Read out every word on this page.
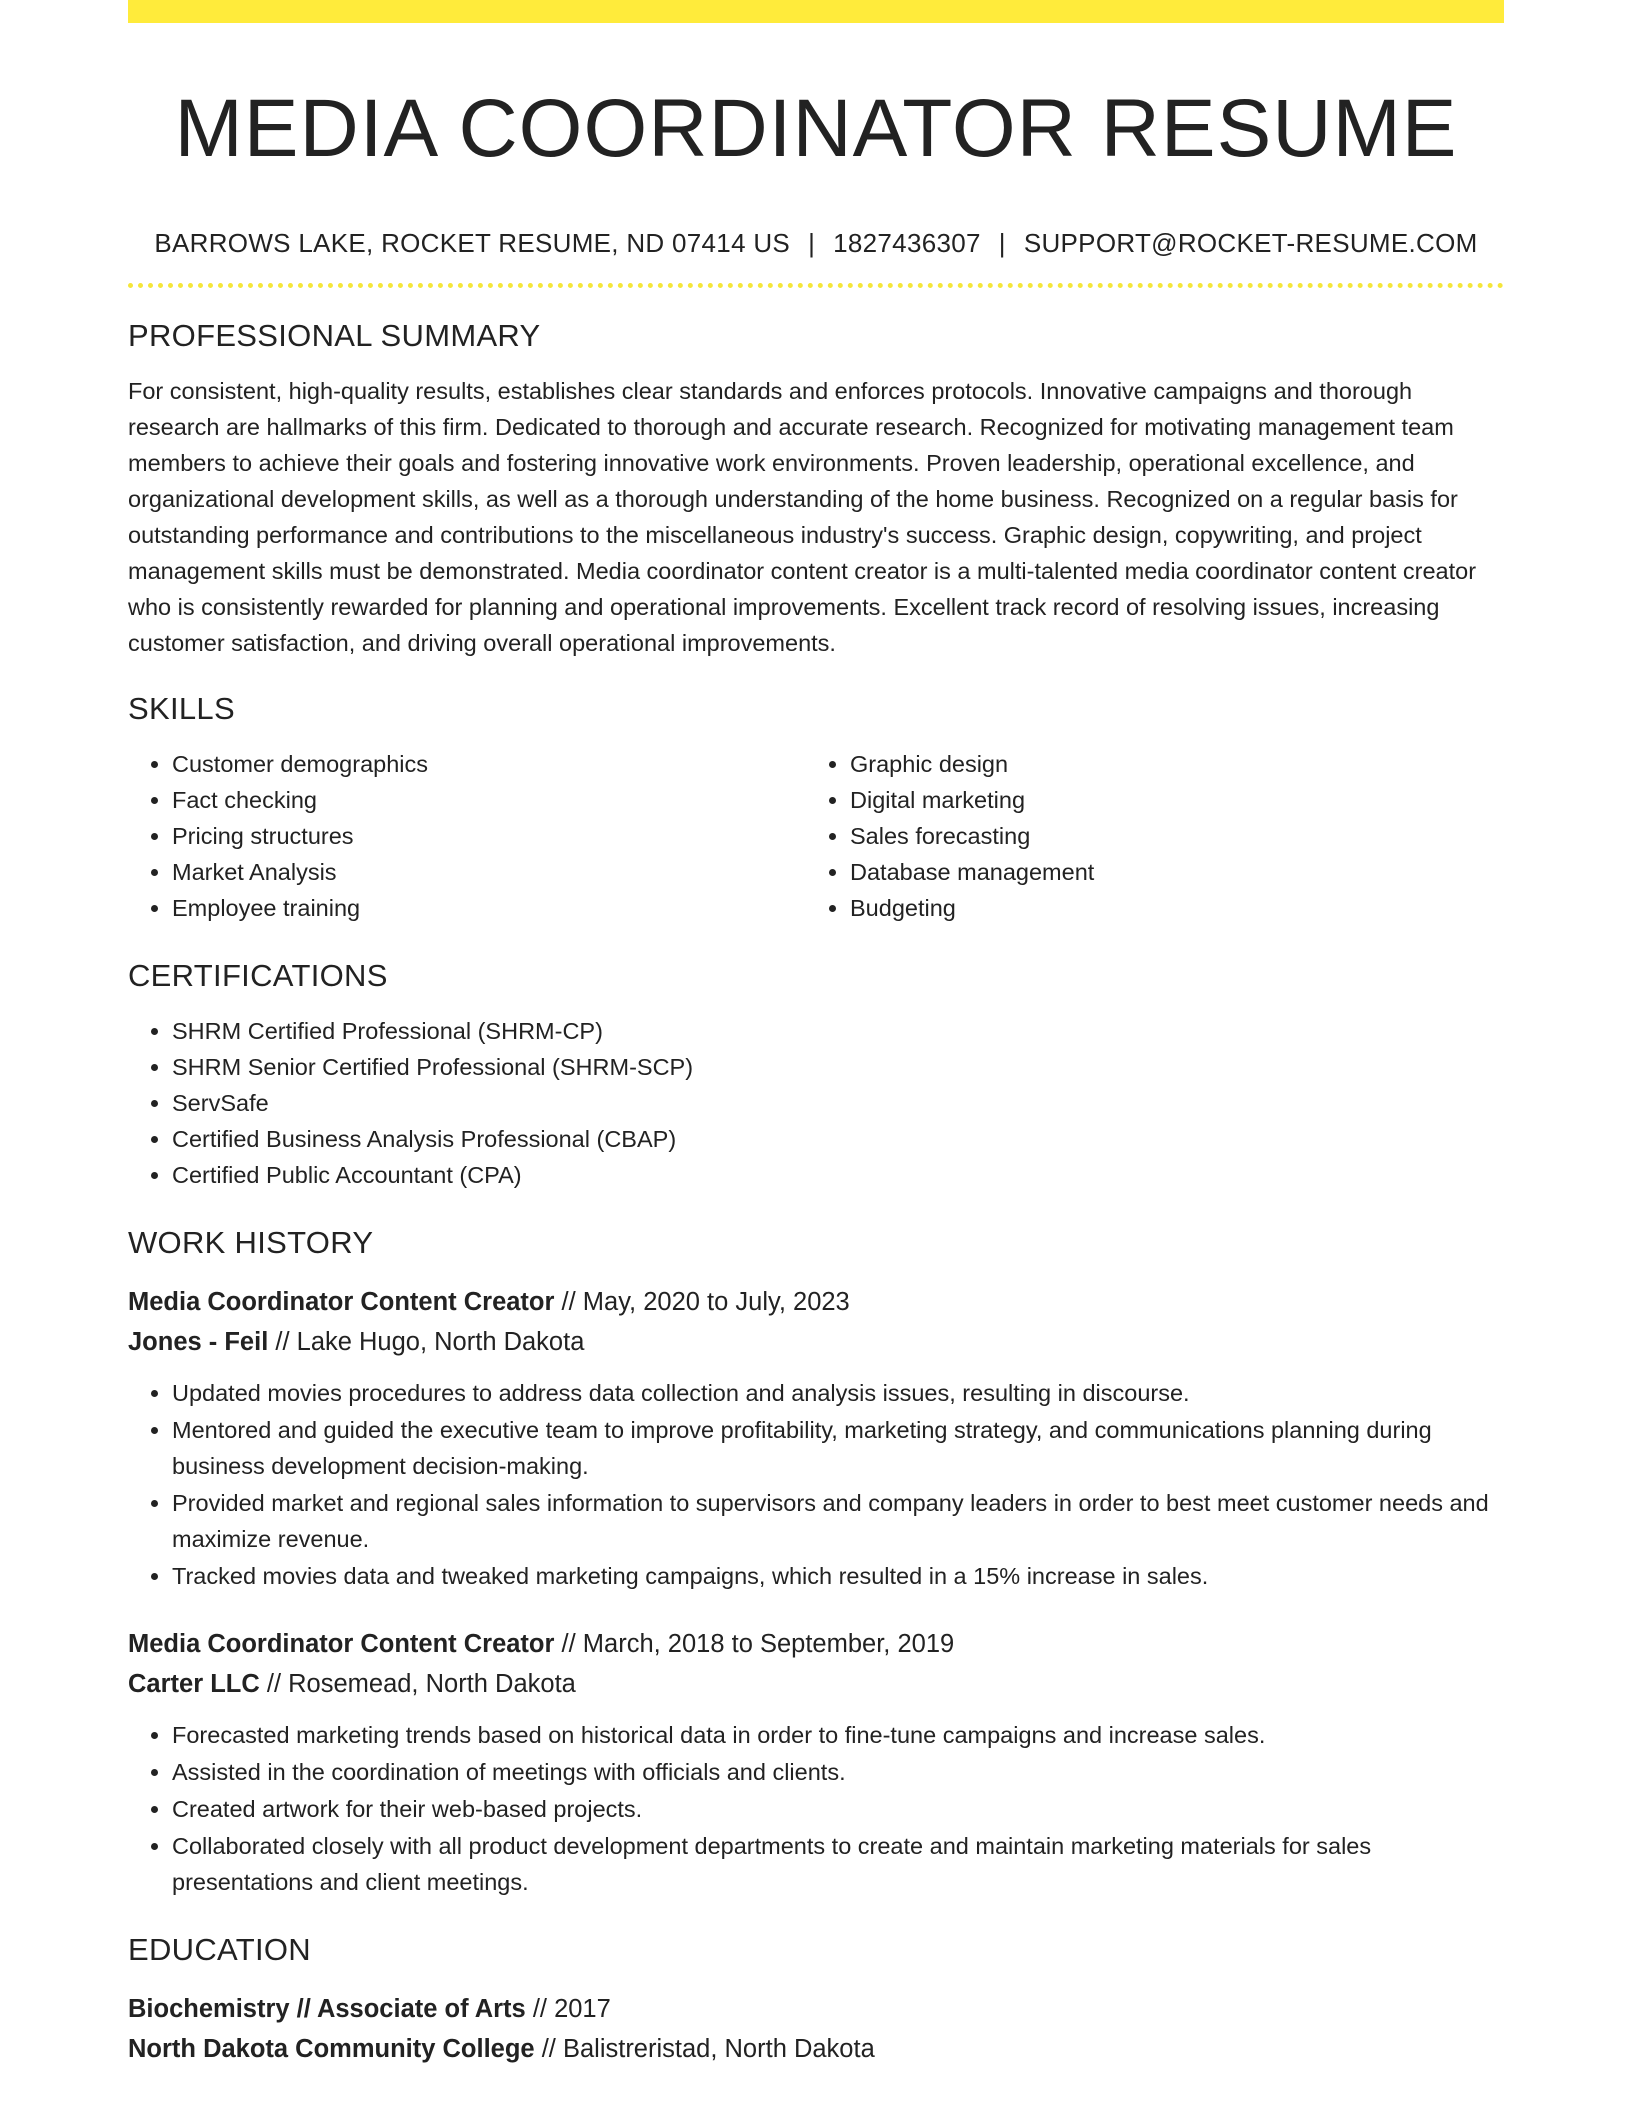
MEDIA COORDINATOR RESUME
BARROWS LAKE, ROCKET RESUME, ND 07414 US | 1827436307 | SUPPORT@ROCKET-RESUME.COM
PROFESSIONAL SUMMARY
For consistent, high-quality results, establishes clear standards and enforces protocols. Innovative campaigns and thorough research are hallmarks of this firm. Dedicated to thorough and accurate research. Recognized for motivating management team members to achieve their goals and fostering innovative work environments. Proven leadership, operational excellence, and organizational development skills, as well as a thorough understanding of the home business. Recognized on a regular basis for outstanding performance and contributions to the miscellaneous industry's success. Graphic design, copywriting, and project management skills must be demonstrated. Media coordinator content creator is a multi-talented media coordinator content creator who is consistently rewarded for planning and operational improvements. Excellent track record of resolving issues, increasing customer satisfaction, and driving overall operational improvements.
SKILLS
• Customer demographics
• Fact checking
• Pricing structures
• Market Analysis
• Employee training
• Graphic design
• Digital marketing
• Sales forecasting
• Database management
• Budgeting
CERTIFICATIONS
• SHRM Certified Professional (SHRM-CP)
• SHRM Senior Certified Professional (SHRM-SCP)
• ServSafe
• Certified Business Analysis Professional (CBAP)
• Certified Public Accountant (CPA)
WORK HISTORY
Media Coordinator Content Creator // May, 2020 to July, 2023
Jones - Feil // Lake Hugo, North Dakota
• Updated movies procedures to address data collection and analysis issues, resulting in discourse.
• Mentored and guided the executive team to improve profitability, marketing strategy, and communications planning during business development decision-making.
• Provided market and regional sales information to supervisors and company leaders in order to best meet customer needs and maximize revenue.
• Tracked movies data and tweaked marketing campaigns, which resulted in a 15% increase in sales.
Media Coordinator Content Creator // March, 2018 to September, 2019
Carter LLC // Rosemead, North Dakota
• Forecasted marketing trends based on historical data in order to fine-tune campaigns and increase sales.
• Assisted in the coordination of meetings with officials and clients.
• Created artwork for their web-based projects.
• Collaborated closely with all product development departments to create and maintain marketing materials for sales presentations and client meetings.
EDUCATION
Biochemistry // Associate of Arts // 2017
North Dakota Community College // Balistreristad, North Dakota
